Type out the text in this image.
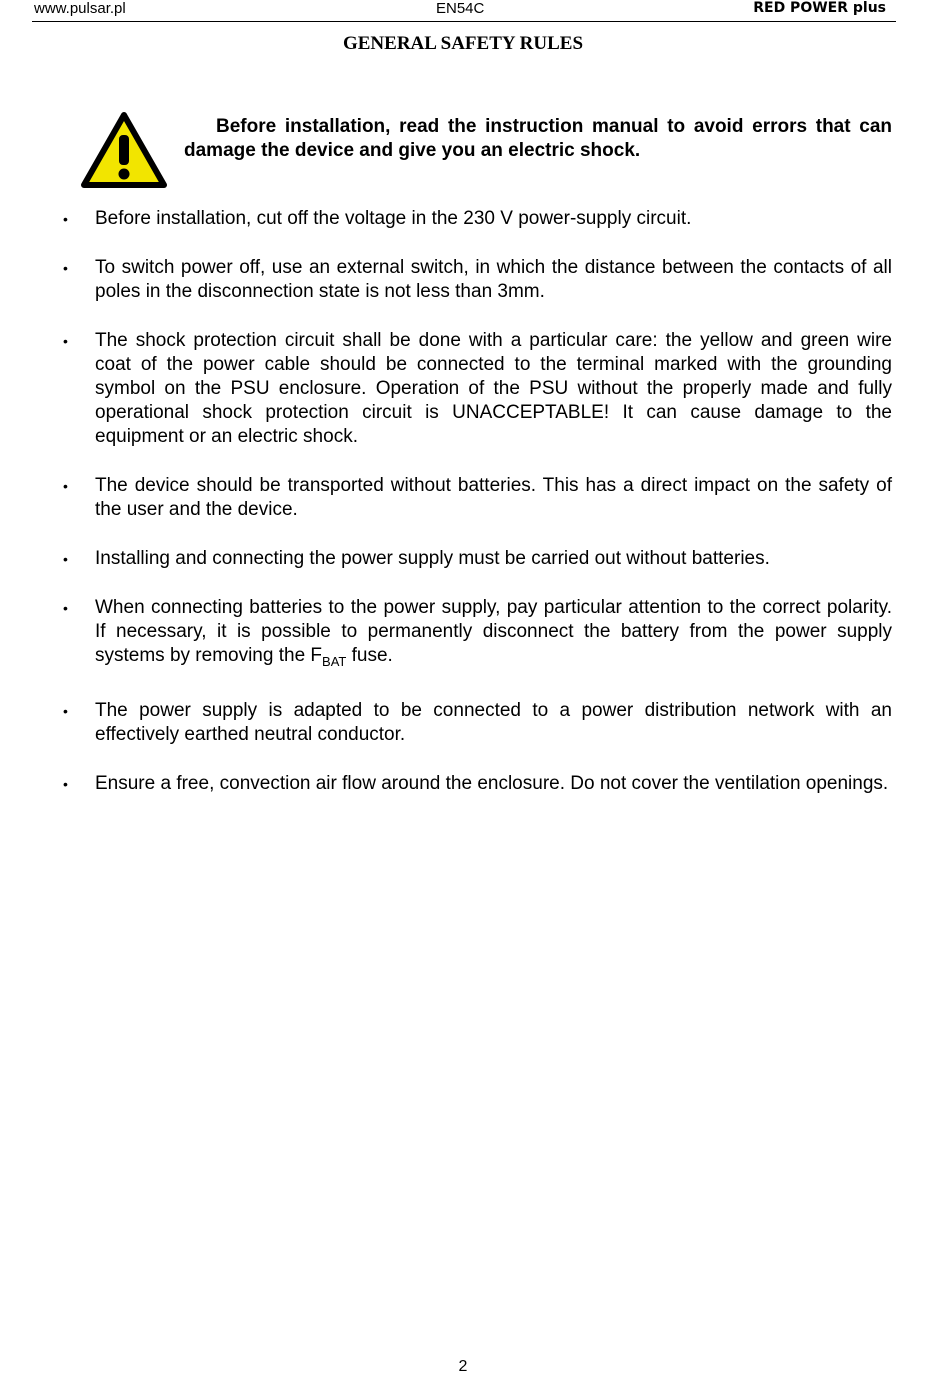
www.pulsar.pl	EN54C	RED POWER plus
GENERAL SAFETY RULES
Before installation, read the instruction manual to avoid errors that can damage the device and give you an electric shock.
• Before installation, cut off the voltage in the 230 V power-supply circuit.
• To switch power off, use an external switch, in which the distance between the contacts of all poles in the disconnection state is not less than 3mm.
• The shock protection circuit shall be done with a particular care: the yellow and green wire coat of the power cable should be connected to the terminal marked with the grounding symbol on the PSU enclosure. Operation of the PSU without the properly made and fully operational shock protection circuit is UNACCEPTABLE! It can cause damage to the equipment or an electric shock.
• The device should be transported without batteries. This has a direct impact on the safety of the user and the device.
• Installing and connecting the power supply must be carried out without batteries.
• When connecting batteries to the power supply, pay particular attention to the correct polarity. If necessary, it is possible to permanently disconnect the battery from the power supply systems by removing the $F_{BAT}$ fuse.
• The power supply is adapted to be connected to a power distribution network with an effectively earthed neutral conductor.
• Ensure a free, convection air flow around the enclosure. Do not cover the ventilation openings.
2
